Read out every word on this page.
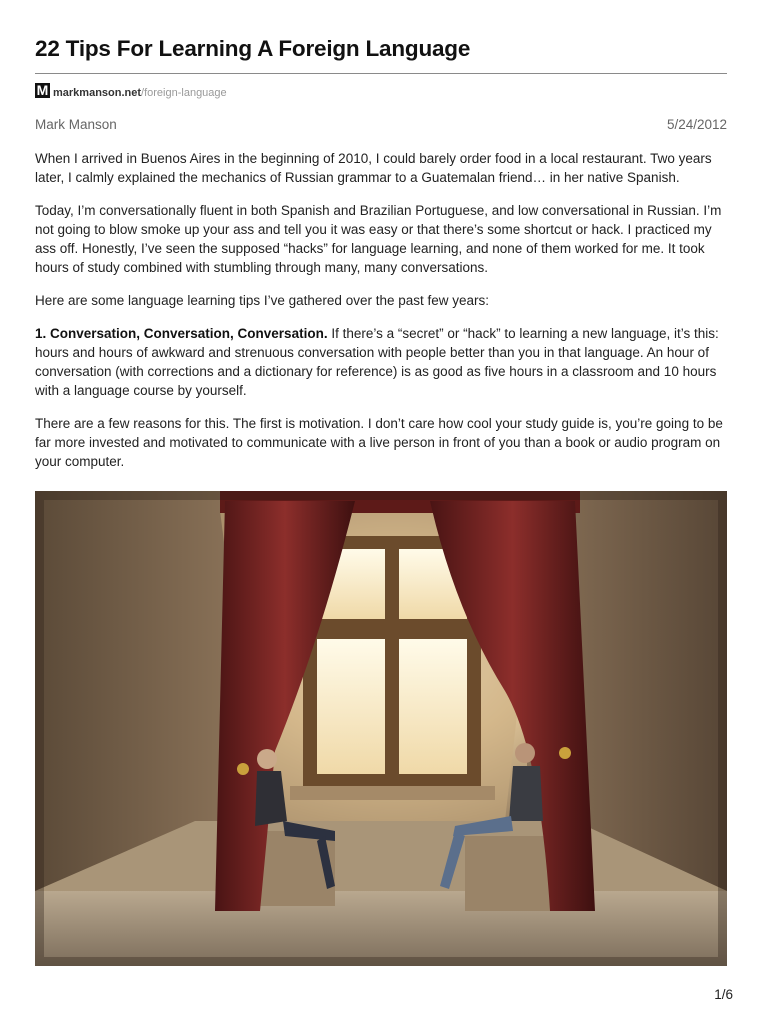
22 Tips For Learning A Foreign Language
M markmanson.net /foreign-language
Mark Manson	5/24/2012

When I arrived in Buenos Aires in the beginning of 2010, I could barely order food in a local restaurant. Two years later, I calmly explained the mechanics of Russian grammar to a Guatemalan friend… in her native Spanish.

Today, I’m conversationally fluent in both Spanish and Brazilian Portuguese, and low conversational in Russian. I’m not going to blow smoke up your ass and tell you it was easy or that there’s some shortcut or hack. I practiced my ass off. Honestly, I’ve seen the supposed “hacks” for language learning, and none of them worked for me. It took hours of study combined with stumbling through many, many conversations.

Here are some language learning tips I’ve gathered over the past few years:

1. Conversation, Conversation, Conversation. If there’s a “secret” or “hack” to learning a new language, it’s this: hours and hours of awkward and strenuous conversation with people better than you in that language. An hour of conversation (with corrections and a dictionary for reference) is as good as five hours in a classroom and 10 hours with a language course by yourself.

There are a few reasons for this. The first is motivation. I don’t care how cool your study guide is, you’re going to be far more invested and motivated to communicate with a live person in front of you than a book or audio program on your computer.

1/6
